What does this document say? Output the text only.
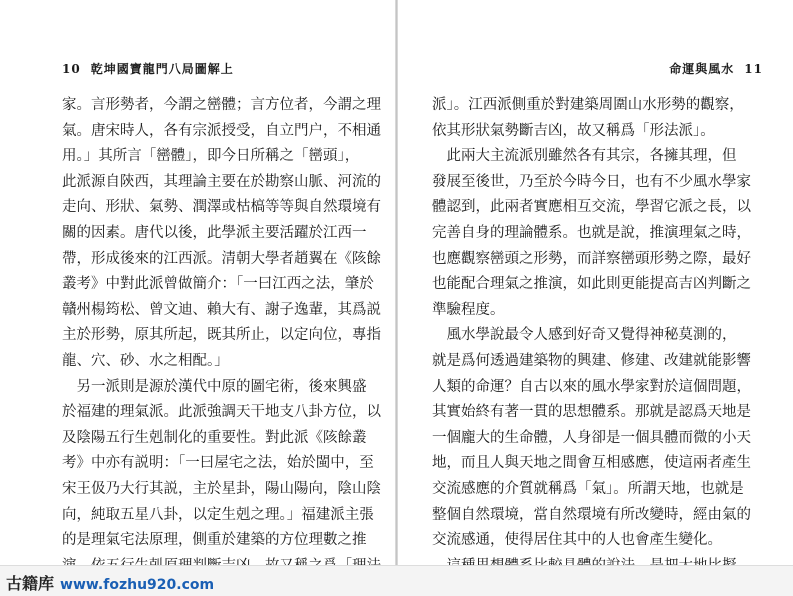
10 乾坤國寶龍門八局圖解上
家。言形勢者，今謂之巒體；言方位者，今謂之理
氣。唐宋時人，各有宗派授受，自立門户，不相通
用。」其所言「巒體」，即今日所稱之「巒頭」，
此派源自陝西，其理論主要在於勘察山脈、河流的
走向、形狀、氣勢、潤澤或枯槁等等與自然環境有
關的因素。唐代以後，此學派主要活躍於江西一
帶，形成後來的江西派。清朝大學者趙翼在《陔餘
叢考》中對此派曾做簡介：「一曰江西之法，肇於
贛州楊筠松、曾文迪、賴大有、謝子逸輩，其爲説
主於形勢，原其所起，既其所止，以定向位，專指
龍、穴、砂、水之相配。」
　另一派則是源於漢代中原的圖宅術，後來興盛
於福建的理氣派。此派強調天干地支八卦方位，以
及陰陽五行生剋制化的重要性。對此派《陔餘叢
考》中亦有説明：「一曰屋宅之法，始於閩中，至
宋王伋乃大行其説，主於星卦，陽山陽向，陰山陰
向，純取五星八卦，以定生剋之理。」福建派主張
的是理氣宅法原理，側重於建築的方位理數之推
命運與風水 11
派」。江西派側重於對建築周圍山水形勢的觀察，
依其形狀氣勢斷吉凶，故又稱爲「形法派」。
　此兩大主流派別雖然各有其宗，各擁其理，但
發展至後世，乃至於今時今日，也有不少風水學家
體認到，此兩者實應相互交流，學習它派之長，以
完善自身的理論體系。也就是說，推演理氣之時，
也應觀察巒頭之形勢，而詳察巒頭形勢之際，最好
也能配合理氣之推演，如此則更能提高吉凶判斷之
準驗程度。
　風水學說最令人感到好奇又覺得神秘莫測的，
就是爲何透過建築物的興建、修建、改建就能影響
人類的命運？自古以來的風水學家對於這個問題，
其實始終有著一貫的思想體系。那就是認爲天地是
一個龐大的生命體，人身卻是一個具體而微的小天
地，而且人與天地之間會互相感應，使這兩者產生
交流感應的介質就稱爲「氣」。所謂天地，也就是
整個自然環境，當自然環境有所改變時，經由氣的
交流感通，使得居住其中的人也會產生變化。
古籍库 www.fozhu920.com
